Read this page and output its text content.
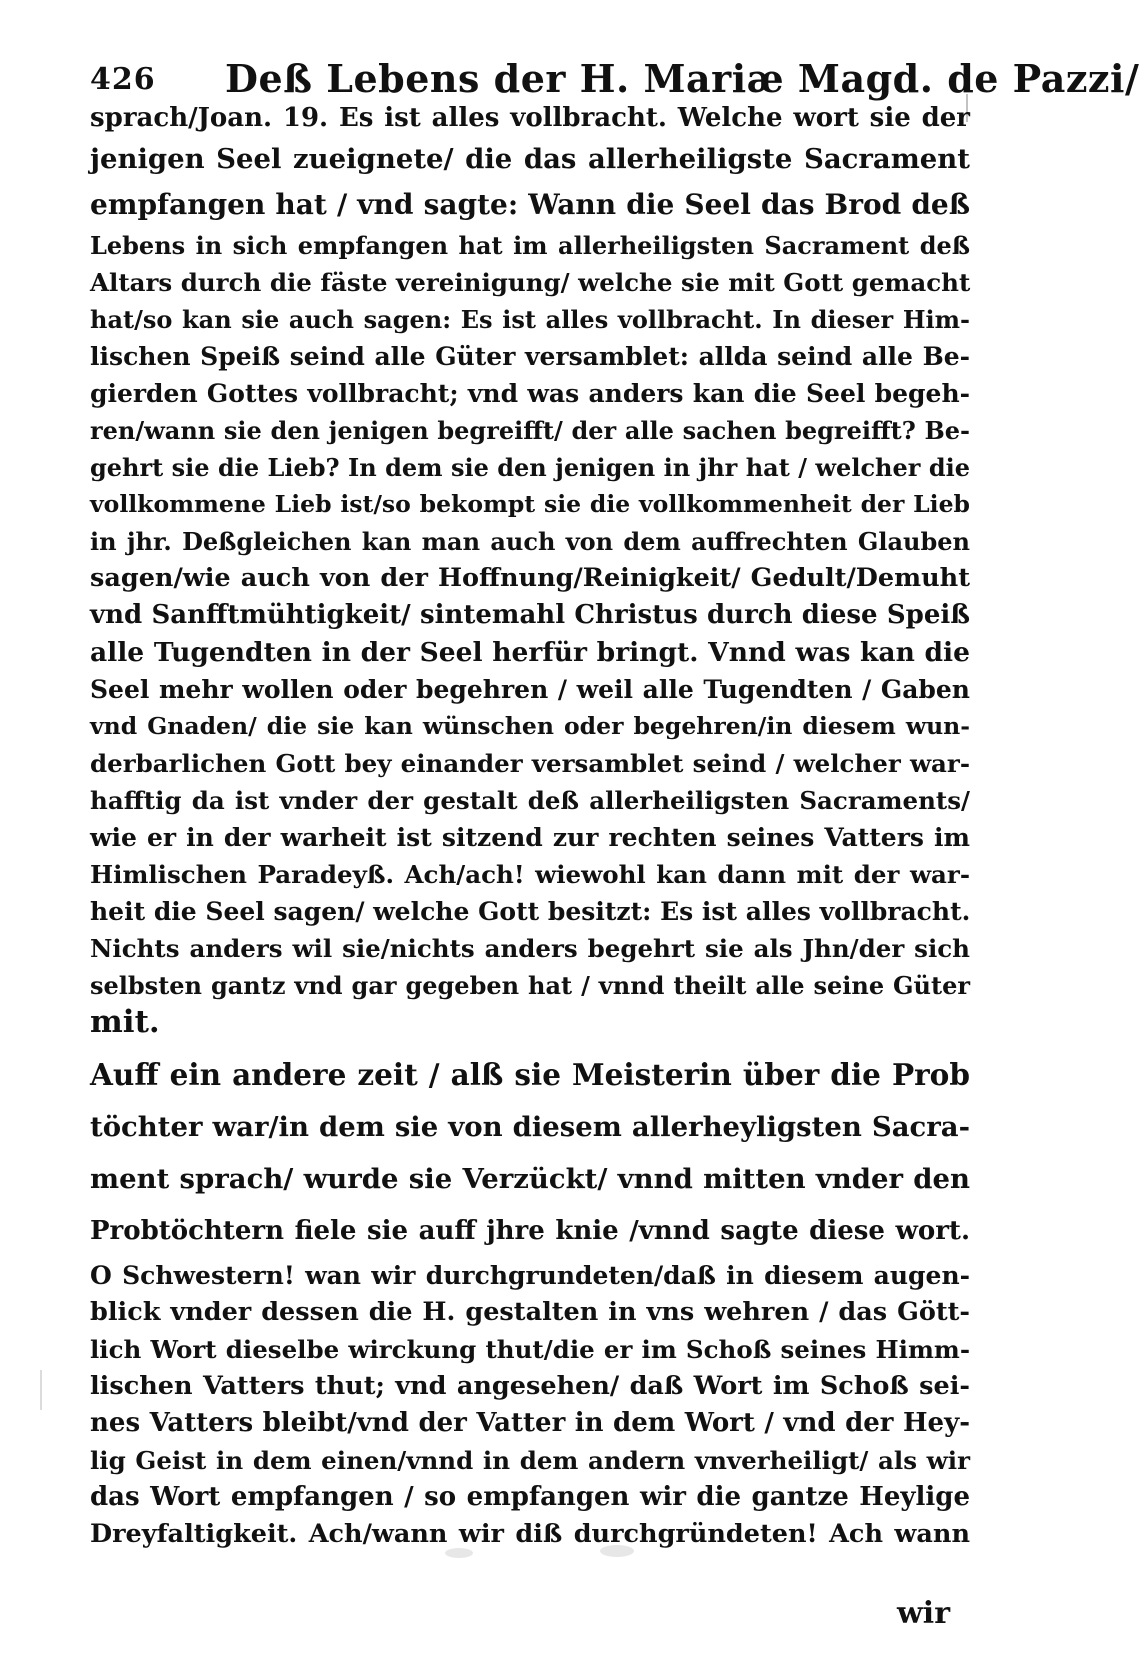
426 Deß Lebens der H. Mariæ Magd. de Pazzi/
sprach/Joan. 19. Es ist alles vollbracht. Welche wort sie der
jenigen Seel zueignete/ die das allerheiligste Sacrament
empfangen hat / vnd sagte: Wann die Seel das Brod deß
Lebens in sich empfangen hat im allerheiligsten Sacrament deß
Altars durch die fäste vereinigung/ welche sie mit Gott gemacht
hat/so kan sie auch sagen: Es ist alles vollbracht. In dieser Him-
lischen Speiß seind alle Güter versamblet: allda seind alle Be-
gierden Gottes vollbracht; vnd was anders kan die Seel begeh-
ren/wann sie den jenigen begreifft/ der alle sachen begreifft? Be-
gehrt sie die Lieb? In dem sie den jenigen in jhr hat / welcher die
vollkommene Lieb ist/so bekompt sie die vollkommenheit der Lieb
in jhr. Deßgleichen kan man auch von dem auffrechten Glauben
sagen/wie auch von der Hoffnung/Reinigkeit/ Gedult/Demuht
vnd Sanfftmühtigkeit/ sintemahl Christus durch diese Speiß
alle Tugendten in der Seel herfür bringt. Vnnd was kan die
Seel mehr wollen oder begehren / weil alle Tugendten / Gaben
vnd Gnaden/ die sie kan wünschen oder begehren/in diesem wun-
derbarlichen Gott bey einander versamblet seind / welcher war-
hafftig da ist vnder der gestalt deß allerheiligsten Sacraments/
wie er in der warheit ist sitzend zur rechten seines Vatters im
Himlischen Paradeyß. Ach/ach! wiewohl kan dann mit der war-
heit die Seel sagen/ welche Gott besitzt: Es ist alles vollbracht.
Nichts anders wil sie/nichts anders begehrt sie als Jhn/der sich
selbsten gantz vnd gar gegeben hat / vnnd theilt alle seine Güter
mit.
Auff ein andere zeit / alß sie Meisterin über die Prob
töchter war/in dem sie von diesem allerheyligsten Sacra-
ment sprach/ wurde sie Verzückt/ vnnd mitten vnder den
Probtöchtern fiele sie auff jhre knie /vnnd sagte diese wort.
O Schwestern! wan wir durchgrundeten/daß in diesem augen-
blick vnder dessen die H. gestalten in vns wehren / das Gött-
lich Wort dieselbe wirckung thut/die er im Schoß seines Himm-
lischen Vatters thut; vnd angesehen/ daß Wort im Schoß sei-
nes Vatters bleibt/vnd der Vatter in dem Wort / vnd der Hey-
lig Geist in dem einen/vnnd in dem andern vnverheiligt/ als wir
das Wort empfangen / so empfangen wir die gantze Heylige
Dreyfaltigkeit. Ach/wann wir diß durchgründeten! Ach wann
wir
